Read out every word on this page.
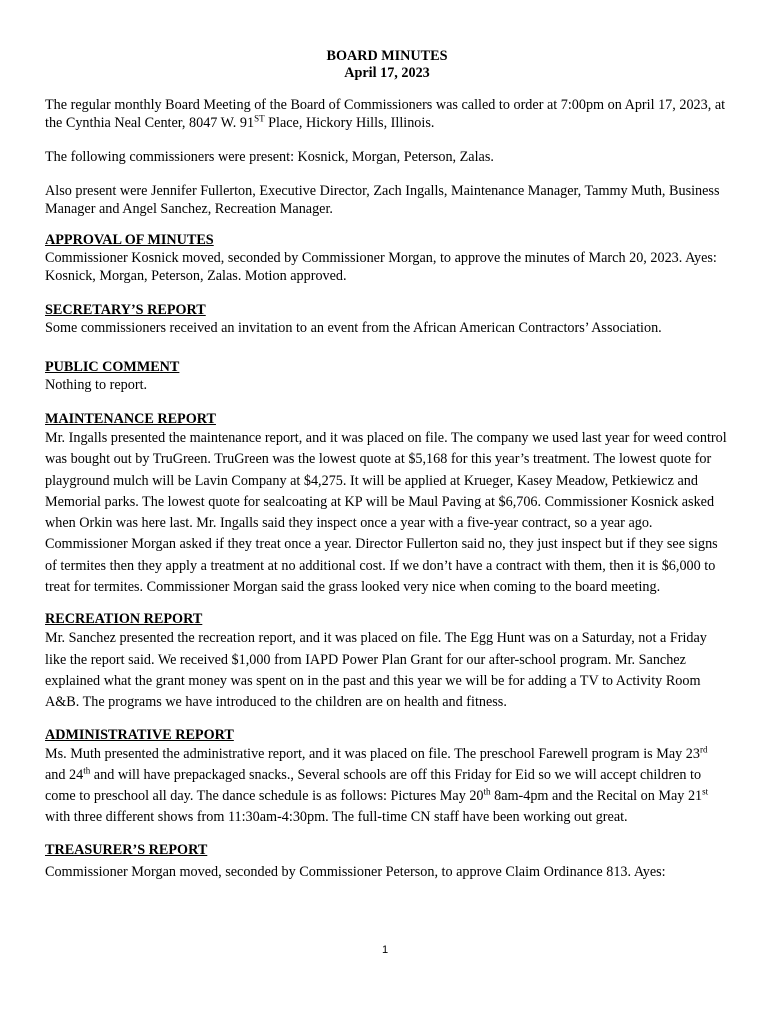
BOARD MINUTES
April 17, 2023

The regular monthly Board Meeting of the Board of Commissioners was called to order at 7:00pm on April 17, 2023, at the Cynthia Neal Center, 8047 W. 91ST Place, Hickory Hills, Illinois.

The following commissioners were present: Kosnick, Morgan, Peterson, Zalas.

Also present were Jennifer Fullerton, Executive Director, Zach Ingalls, Maintenance Manager, Tammy Muth, Business Manager and Angel Sanchez, Recreation Manager.

APPROVAL OF MINUTES
Commissioner Kosnick moved, seconded by Commissioner Morgan, to approve the minutes of March 20, 2023. Ayes: Kosnick, Morgan, Peterson, Zalas. Motion approved.
SECRETARY’S REPORT
Some commissioners received an invitation to an event from the African American Contractors’ Association.
PUBLIC COMMENT
Nothing to report.
MAINTENANCE REPORT
Mr. Ingalls presented the maintenance report, and it was placed on file. The company we used last year for weed control was bought out by TruGreen. TruGreen was the lowest quote at $5,168 for this year’s treatment. The lowest quote for playground mulch will be Lavin Company at $4,275. It will be applied at Krueger, Kasey Meadow, Petkiewicz and Memorial parks. The lowest quote for sealcoating at KP will be Maul Paving at $6,706. Commissioner Kosnick asked when Orkin was here last. Mr. Ingalls said they inspect once a year with a five-year contract, so a year ago. Commissioner Morgan asked if they treat once a year. Director Fullerton said no, they just inspect but if they see signs of termites then they apply a treatment at no additional cost. If we don’t have a contract with them, then it is $6,000 to treat for termites. Commissioner Morgan said the grass looked very nice when coming to the board meeting.
RECREATION REPORT
Mr. Sanchez presented the recreation report, and it was placed on file. The Egg Hunt was on a Saturday, not a Friday like the report said. We received $1,000 from IAPD Power Plan Grant for our after-school program. Mr. Sanchez explained what the grant money was spent on in the past and this year we will be for adding a TV to Activity Room A&B. The programs we have introduced to the children are on health and fitness.
ADMINISTRATIVE REPORT
Ms. Muth presented the administrative report, and it was placed on file. The preschool Farewell program is May 23rd and 24th and will have prepackaged snacks., Several schools are off this Friday for Eid so we will accept children to come to preschool all day. The dance schedule is as follows: Pictures May 20th 8am-4pm and the Recital on May 21st with three different shows from 11:30am-4:30pm. The full-time CN staff have been working out great.
TREASURER’S REPORT
Commissioner Morgan moved, seconded by Commissioner Peterson, to approve Claim Ordinance 813. Ayes:
1
